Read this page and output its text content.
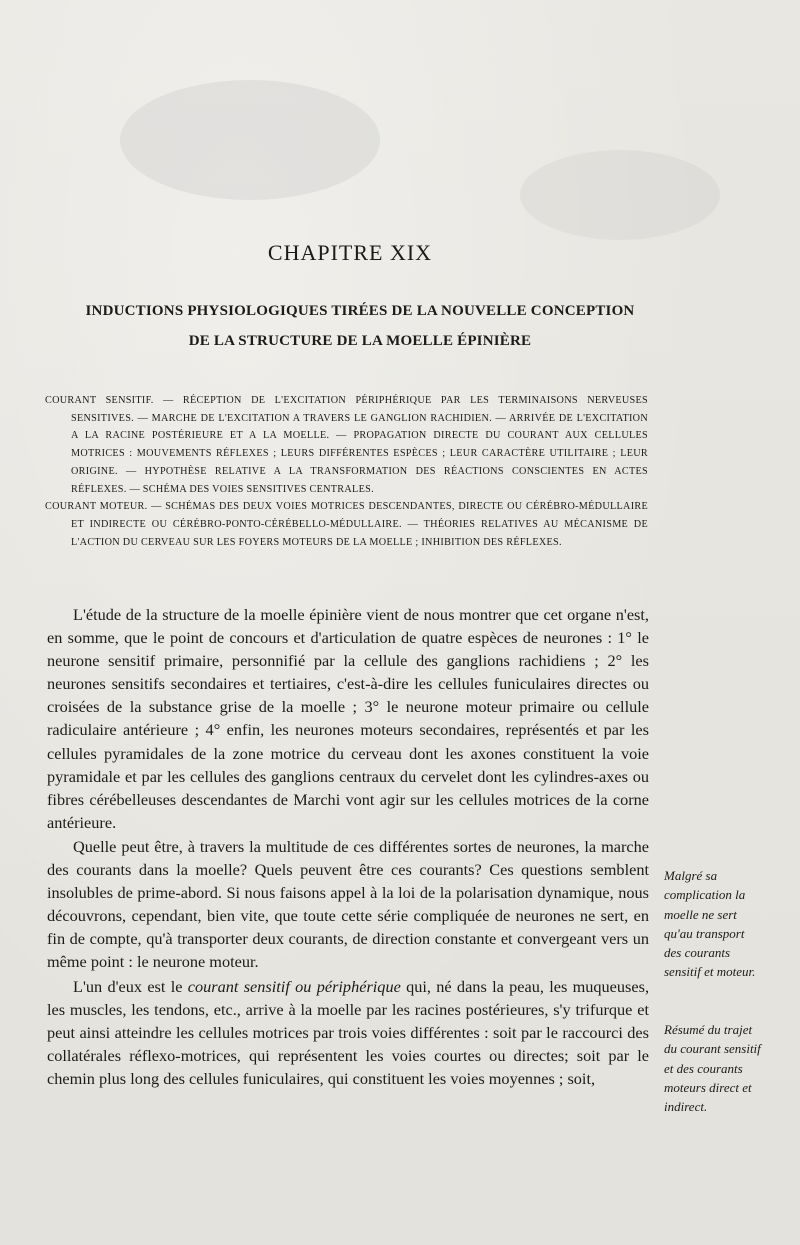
CHAPITRE XIX
INDUCTIONS PHYSIOLOGIQUES TIRÉES DE LA NOUVELLE CONCEPTION
DE LA STRUCTURE DE LA MOELLE ÉPINIÈRE

COURANT SENSITIF. — RÉCEPTION DE L'EXCITATION PÉRIPHÉRIQUE PAR LES TERMINAISONS NERVEUSES SENSITIVES. — MARCHE DE L'EXCITATION A TRAVERS LE GANGLION RACHIDIEN. — ARRIVÉE DE L'EXCITATION A LA RACINE POSTÉRIEURE ET A LA MOELLE. — PROPAGATION DIRECTE DU COURANT AUX CELLULES MOTRICES : MOUVEMENTS RÉFLEXES ; LEURS DIFFÉRENTES ESPÈCES ; LEUR CARACTÈRE UTILITAIRE ; LEUR ORIGINE. — HYPOTHÈSE RELATIVE A LA TRANSFORMATION DES RÉACTIONS CONSCIENTES EN ACTES RÉFLEXES. — SCHÉMA DES VOIES SENSITIVES CENTRALES.

COURANT MOTEUR. — SCHÉMAS DES DEUX VOIES MOTRICES DESCENDANTES, DIRECTE OU CÉRÉBRO-MÉDULLAIRE ET INDIRECTE OU CÉRÉBRO-PONTO-CÉRÉBELLO-MÉDULLAIRE. — THÉORIES RELATIVES AU MÉCANISME DE L'ACTION DU CERVEAU SUR LES FOYERS MOTEURS DE LA MOELLE ; INHIBITION DES RÉFLEXES.

L'étude de la structure de la moelle épinière vient de nous montrer que cet organe n'est, en somme, que le point de concours et d'articulation de quatre espèces de neurones : 1° le neurone sensitif primaire, personnifié par la cellule des ganglions rachidiens ; 2° les neurones sensitifs secondaires et tertiaires, c'est-à-dire les cellules funiculaires directes ou croisées de la substance grise de la moelle ; 3° le neurone moteur primaire ou cellule radiculaire antérieure ; 4° enfin, les neurones moteurs secondaires, représentés et par les cellules pyramidales de la zone motrice du cerveau dont les axones constituent la voie pyramidale et par les cellules des ganglions centraux du cervelet dont les cylindres-axes ou fibres cérébelleuses descendantes de Marchi vont agir sur les cellules motrices de la corne antérieure.

Quelle peut être, à travers la multitude de ces différentes sortes de neurones, la marche des courants dans la moelle? Quels peuvent être ces courants? Ces questions semblent insolubles de prime-abord. Si nous faisons appel à la loi de la polarisation dynamique, nous découvrons, cependant, bien vite, que toute cette série compliquée de neurones ne sert, en fin de compte, qu'à transporter deux courants, de direction constante et convergeant vers un même point : le neurone moteur.

L'un d'eux est le courant sensitif ou périphérique qui, né dans la peau, les muqueuses, les muscles, les tendons, etc., arrive à la moelle par les racines postérieures, s'y trifurque et peut ainsi atteindre les cellules motrices par trois voies différentes : soit par le raccourci des collatérales réflexo-motrices, qui représentent les voies courtes ou directes; soit par le chemin plus long des cellules funiculaires, qui constituent les voies moyennes ; soit,

Malgré sa complication la moelle ne sert qu'au transport des courants sensitif et moteur.
Résumé du trajet du courant sensitif et des courants moteurs direct et indirect.
